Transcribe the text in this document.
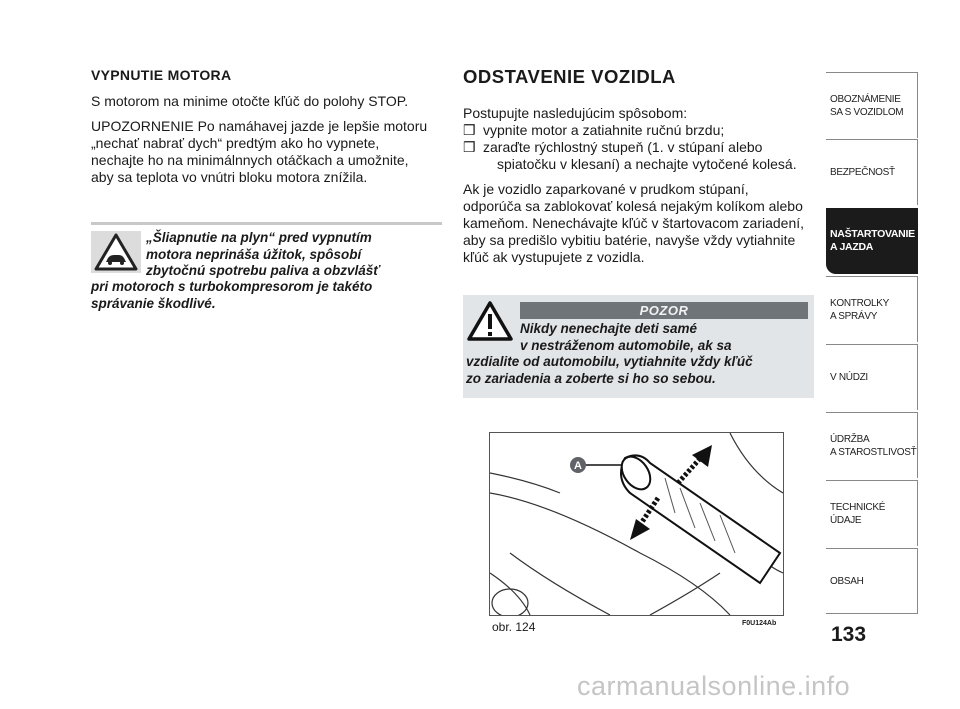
VYPNUTIE MOTORA
S motorom na minime otočte kľúč do polohy STOP.
UPOZORNENIE Po namáhavej jazde je lepšie motoru
„nechať nabrať dych“ predtým ako ho vypnete,
nechajte ho na minimálnnych otáčkach a umožnite,
aby sa teplota vo vnútri bloku motora znížila.
„Šliapnutie na plyn“ pred vypnutím
motora neprináša úžitok, spôsobí
zbytočnú spotrebu paliva a obzvlášť
pri motoroch s turbokompresorom je takéto
správanie škodlivé.
ODSTAVENIE VOZIDLA
Postupujte nasledujúcim spôsobom:
❒ vypnite motor a zatiahnite ručnú brzdu;
❒ zaraďte rýchlostný stupeň (1. v stúpaní alebo
spiatočku v klesaní) a nechajte vytočené kolesá.
Ak je vozidlo zaparkované v prudkom stúpaní,
odporúča sa zablokovať kolesá nejakým kolíkom alebo
kameňom. Nenechávajte kľúč v štartovacom zariadení,
aby sa predišlo vybitiu batérie, navyše vždy vytiahnite
kľúč ak vystupujete z vozidla.
POZOR
Nikdy nenechajte deti samé
v nestráženom automobile, ak sa
vzdialite od automobilu, vytiahnite vždy kľúč
zo zariadenia a zoberte si ho so sebou.
A
obr. 124	F0U124Ab
OBOZNÁMENIE
SA S VOZIDLOM
BEZPEČNOSŤ
NAŠTARTOVANIE
A JAZDA
KONTROLKY
A SPRÁVY
V NÚDZI
ÚDRŽBA
A STAROSTLIVOSŤ
TECHNICKÉ
ÚDAJE
OBSAH
133
carmanualsonline.info
